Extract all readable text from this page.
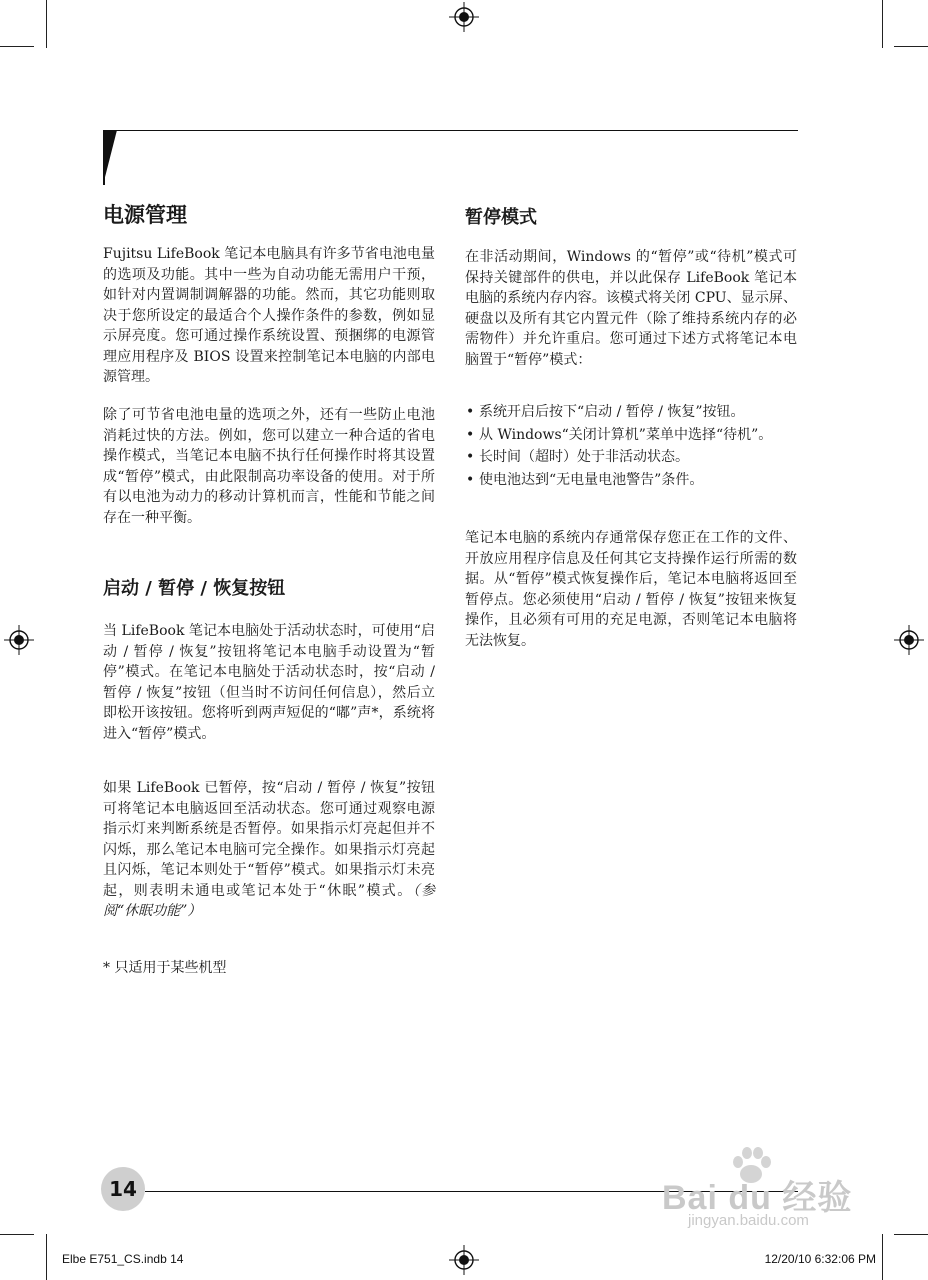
电源管理
Fujitsu LifeBook 笔记本电脑具有许多节省电池电量的选项及功能。其中一些为自动功能无需用户干预，如针对内置调制调解器的功能。然而，其它功能则取决于您所设定的最适合个人操作条件的参数，例如显示屏亮度。您可通过操作系统设置、预捆绑的电源管理应用程序及 BIOS 设置来控制笔记本电脑的内部电源管理。
除了可节省电池电量的选项之外，还有一些防止电池消耗过快的方法。例如，您可以建立一种合适的省电操作模式，当笔记本电脑不执行任何操作时将其设置成“暂停”模式，由此限制高功率设备的使用。对于所有以电池为动力的移动计算机而言，性能和节能之间存在一种平衡。
启动 / 暂停 / 恢复按钮
当 LifeBook 笔记本电脑处于活动状态时，可使用“启动 / 暂停 / 恢复”按钮将笔记本电脑手动设置为“暂停”模式。在笔记本电脑处于活动状态时，按“启动 / 暂停 / 恢复”按钮（但当时不访问任何信息），然后立即松开该按钮。您将听到两声短促的“嘟”声*，系统将进入“暂停”模式。
如果 LifeBook 已暂停，按“启动 / 暂停 / 恢复”按钮可将笔记本电脑返回至活动状态。您可通过观察电源指示灯来判断系统是否暂停。如果指示灯亮起但并不闪烁，那么笔记本电脑可完全操作。如果指示灯亮起且闪烁，笔记本则处于“暂停”模式。如果指示灯未亮起，则表明未通电或笔记本处于“休眠”模式。（参阅“休眠功能”）
* 只适用于某些机型
暂停模式
在非活动期间，Windows 的“暂停”或“待机”模式可保持关键部件的供电，并以此保存 LifeBook 笔记本电脑的系统内存内容。该模式将关闭 CPU、显示屏、硬盘以及所有其它内置元件（除了维持系统内存的必需物件）并允许重启。您可通过下述方式将笔记本电脑置于“暂停”模式：
• 系统开启后按下“启动 / 暂停 / 恢复”按钮。
• 从 Windows“关闭计算机”菜单中选择“待机”。
• 长时间（超时）处于非活动状态。
• 使电池达到“无电量电池警告”条件。
笔记本电脑的系统内存通常保存您正在工作的文件、开放应用程序信息及任何其它支持操作运行所需的数据。从“暂停”模式恢复操作后，笔记本电脑将返回至暂停点。您必须使用“启动 / 暂停 / 恢复”按钮来恢复操作，且必须有可用的充足电源，否则笔记本电脑将无法恢复。
14
Elbe E751_CS.indb 14	12/20/10 6:32:06 PM
Bai du 经验
jingyan.baidu.com
